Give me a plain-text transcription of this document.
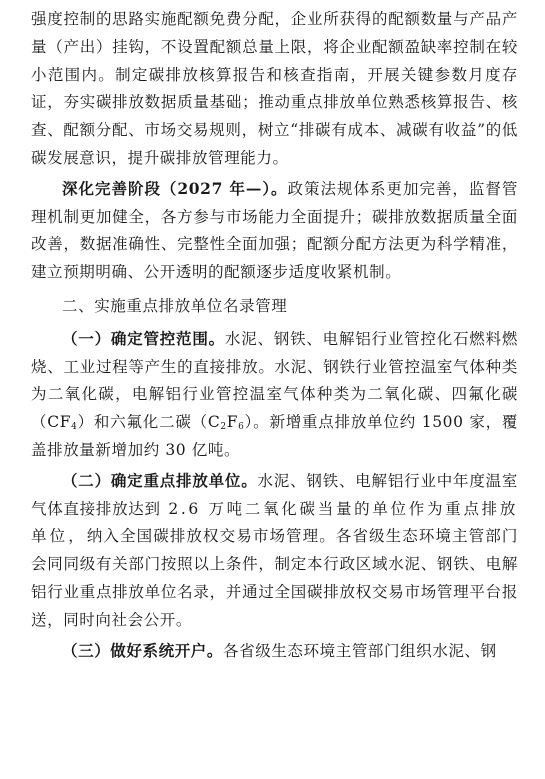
强度控制的思路实施配额免费分配，企业所获得的配额数量与产品产量（产出）挂钩，不设置配额总量上限，将企业配额盈缺率控制在较小范围内。制定碳排放核算报告和核查指南，开展关键参数月度存证，夯实碳排放数据质量基础；推动重点排放单位熟悉核算报告、核查、配额分配、市场交易规则，树立“排碳有成本、减碳有收益”的低碳发展意识，提升碳排放管理能力。

深化完善阶段（2027 年—）。政策法规体系更加完善，监督管理机制更加健全，各方参与市场能力全面提升；碳排放数据质量全面改善，数据准确性、完整性全面加强；配额分配方法更为科学精准，建立预期明确、公开透明的配额逐步适度收紧机制。

二、实施重点排放单位名录管理

（一）确定管控范围。水泥、钢铁、电解铝行业管控化石燃料燃烧、工业过程等产生的直接排放。水泥、钢铁行业管控温室气体种类为二氧化碳，电解铝行业管控温室气体种类为二氧化碳、四氟化碳$(CF_4)$和六氟化二碳$(C_2F_6)$。新增重点排放单位约 1500 家，覆盖排放量新增加约 30 亿吨。

（二）确定重点排放单位。水泥、钢铁、电解铝行业中年度温室气体直接排放达到 2.6 万吨二氧化碳当量的单位作为重点排放单位，纳入全国碳排放权交易市场管理。各省级生态环境主管部门会同同级有关部门按照以上条件，制定本行政区域水泥、钢铁、电解铝行业重点排放单位名录，并通过全国碳排放权交易市场管理平台报送，同时向社会公开。

（三）做好系统开户。各省级生态环境主管部门组织水泥、钢
